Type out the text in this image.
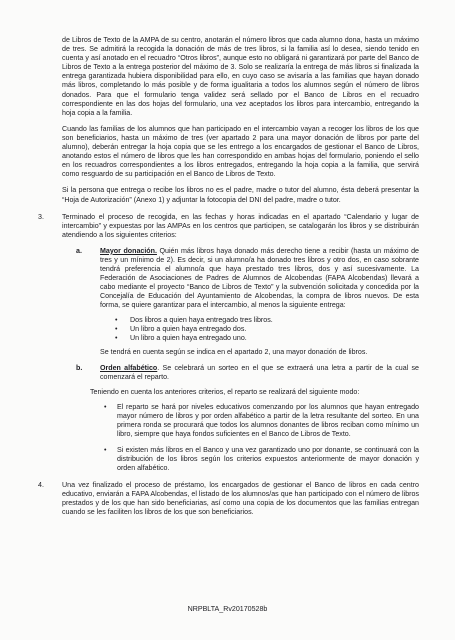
de Libros de Texto de la AMPA de su centro, anotarán el número libros que cada alumno dona, hasta un máximo de tres. Se admitirá la recogida la donación de más de tres libros, si la familia así lo desea, siendo tenido en cuenta y así anotado en el recuadro “Otros libros”, aunque esto no obligará ni garantizará por parte del Banco de Libros de Texto a la entrega posterior del máximo de 3. Solo se realizaría la entrega de más libros si finalizada la entrega garantizada hubiera disponibilidad para ello, en cuyo caso se avisaría a las familias que hayan donado más libros, completando lo más posible y de forma igualitaria a todos los alumnos según el número de libros donados. Para que el formulario tenga validez será sellado por el Banco de Libros en el recuadro correspondiente en las dos hojas del formulario, una vez aceptados los libros para intercambio, entregando la hoja copia a la familia.

Cuando las familias de los alumnos que han participado en el intercambio vayan a recoger los libros de los que son beneficiarios, hasta un máximo de tres (ver apartado 2 para una mayor donación de libros por parte del alumno), deberán entregar la hoja copia que se les entrego a los encargados de gestionar el Banco de Libros, anotando estos el número de libros que les han correspondido en ambas hojas del formulario, poniendo el sello en los recuadros correspondientes a los libros entregados, entregando la hoja copia a la familia, que servirá como resguardo de su participación en el Banco de Libros de Texto.

Si la persona que entrega o recibe los libros no es el padre, madre o tutor del alumno, ésta deberá presentar la “Hoja de Autorización” (Anexo 1) y adjuntar la fotocopia del DNI del padre, madre o tutor.

3.	Terminado el proceso de recogida, en las fechas y horas indicadas en el apartado “Calendario y lugar de intercambio” y expuestas por las AMPAs en los centros que participen, se catalogarán los libros y se distribuirán atendiendo a los siguientes criterios:

a.	Mayor donación. Quién más libros haya donado más derecho tiene a recibir (hasta un máximo de tres y un mínimo de 2). Es decir, si un alumno/a ha donado tres libros y otro dos, en caso sobrante tendrá preferencia el alumno/a que haya prestado tres libros, dos y así sucesivamente. La Federación de Asociaciones de Padres de Alumnos de Alcobendas (FAPA Alcobendas) llevará a cabo mediante el proyecto “Banco de Libros de Texto” y la subvención solicitada y concedida por la Concejalía de Educación del Ayuntamiento de Alcobendas, la compra de libros nuevos. De esta forma, se quiere garantizar para el intercambio, al menos la siguiente entrega:

• Dos libros a quien haya entregado tres libros.
• Un libro a quien haya entregado dos.
• Un libro a quien haya entregado uno.

Se tendrá en cuenta según se indica en el apartado 2, una mayor donación de libros.

b. Orden alfabético. Se celebrará un sorteo en el que se extraerá una letra a partir de la cual se comenzará el reparto.

Teniendo en cuenta los anteriores criterios, el reparto se realizará del siguiente modo:

• El reparto se hará por niveles educativos comenzando por los alumnos que hayan entregado mayor número de libros y por orden alfabético a partir de la letra resultante del sorteo. En una primera ronda se procurará que todos los alumnos donantes de libros reciban como mínimo un libro, siempre que haya fondos suficientes en el Banco de Libros de Texto.
• Si existen más libros en el Banco y una vez garantizado uno por donante, se continuará con la distribución de los libros según los criterios expuestos anteriormente de mayor donación y orden alfabético.
4.	Una vez finalizado el proceso de préstamo, los encargados de gestionar el Banco de libros en cada centro educativo, enviarán a FAPA Alcobendas, el listado de los alumnos/as que han participado con el número de libros prestados y de los que han sido beneficiarias, así como una copia de los documentos que las familias entregan cuando se les faciliten los libros de los que son beneficiarios.

NRPBLTA_Rv20170528b
